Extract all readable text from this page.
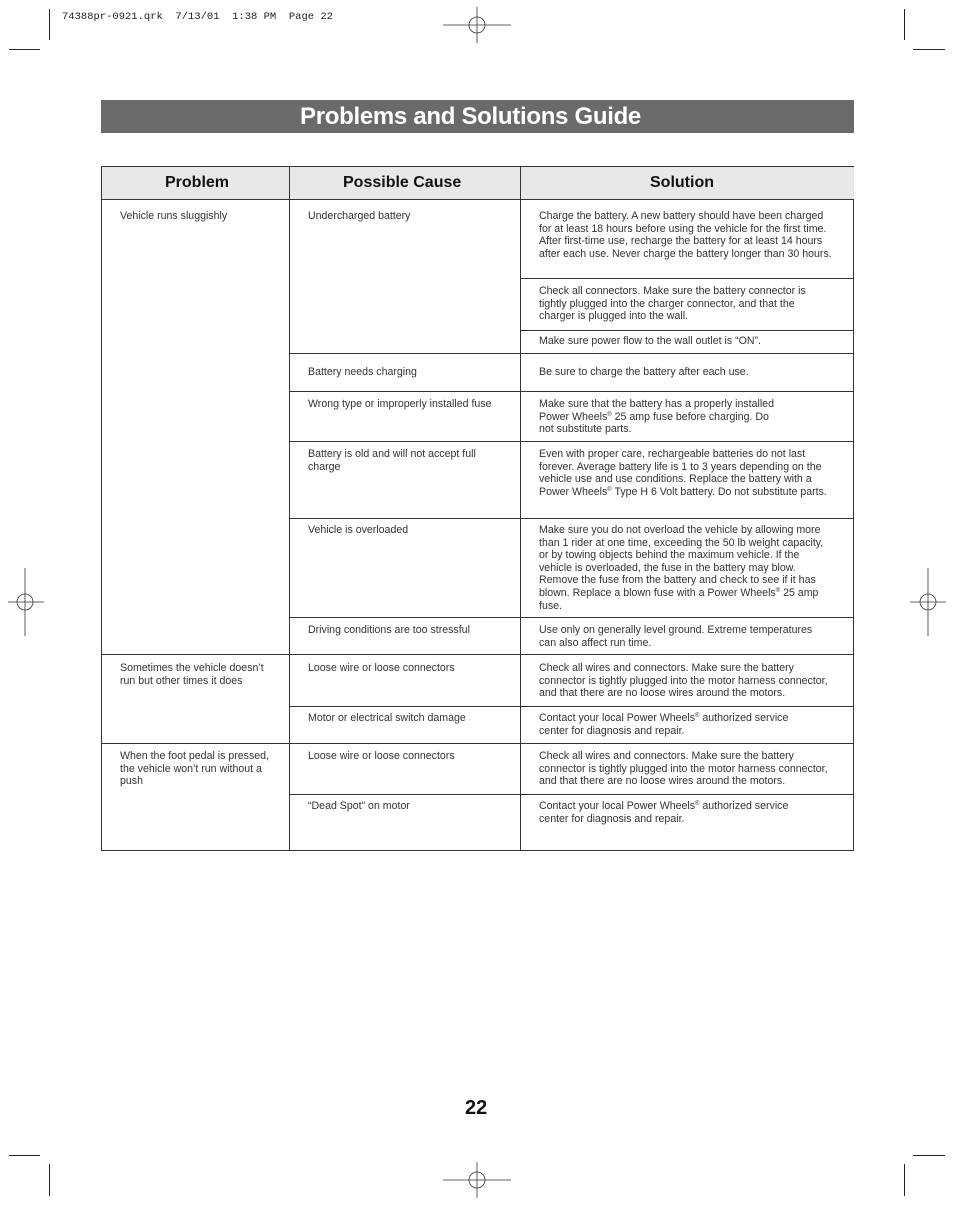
74388pr-0921.qrk  7/13/01  1:38 PM  Page 22
Problems and Solutions Guide
Problem	Possible Cause	Solution
Vehicle runs sluggishly
Sometimes the vehicle doesn’t run but other times it does
When the foot pedal is pressed, the vehicle won’t run without a push
Undercharged battery
Battery needs charging
Wrong type or improperly installed fuse
Battery is old and will not accept full charge
Vehicle is overloaded
Driving conditions are too stressful
Loose wire or loose connectors
Motor or electrical switch damage
Loose wire or loose connectors
“Dead Spot” on motor
Charge the battery. A new battery should have been charged for at least 18 hours before using the vehicle for the first time. After first-time use, recharge the battery for at least 14 hours after each use. Never charge the battery longer than 30 hours.
Check all connectors. Make sure the battery connector is tightly plugged into the charger connector, and that the charger is plugged into the wall.
Make sure power flow to the wall outlet is “ON”.
Be sure to charge the battery after each use.
Make sure that the battery has a properly installed Power Wheels® 25 amp fuse before charging. Do not substitute parts.
Even with proper care, rechargeable batteries do not last forever. Average battery life is 1 to 3 years depending on the vehicle use and use conditions. Replace the battery with a Power Wheels® Type H 6 Volt battery. Do not substitute parts.
Make sure you do not overload the vehicle by allowing more than 1 rider at one time, exceeding the 50 lb weight capacity, or by towing objects behind the maximum vehicle. If the vehicle is overloaded, the fuse in the battery may blow. Remove the fuse from the battery and check to see if it has blown. Replace a blown fuse with a Power Wheels® 25 amp fuse.
Use only on generally level ground. Extreme temperatures can also affect run time.
Check all wires and connectors. Make sure the battery connector is tightly plugged into the motor harness connector, and that there are no loose wires around the motors.
Contact your local Power Wheels® authorized service center for diagnosis and repair.
Check all wires and connectors. Make sure the battery connector is tightly plugged into the motor harness connector, and that there are no loose wires around the motors.
Contact your local Power Wheels® authorized service center for diagnosis and repair.
22
